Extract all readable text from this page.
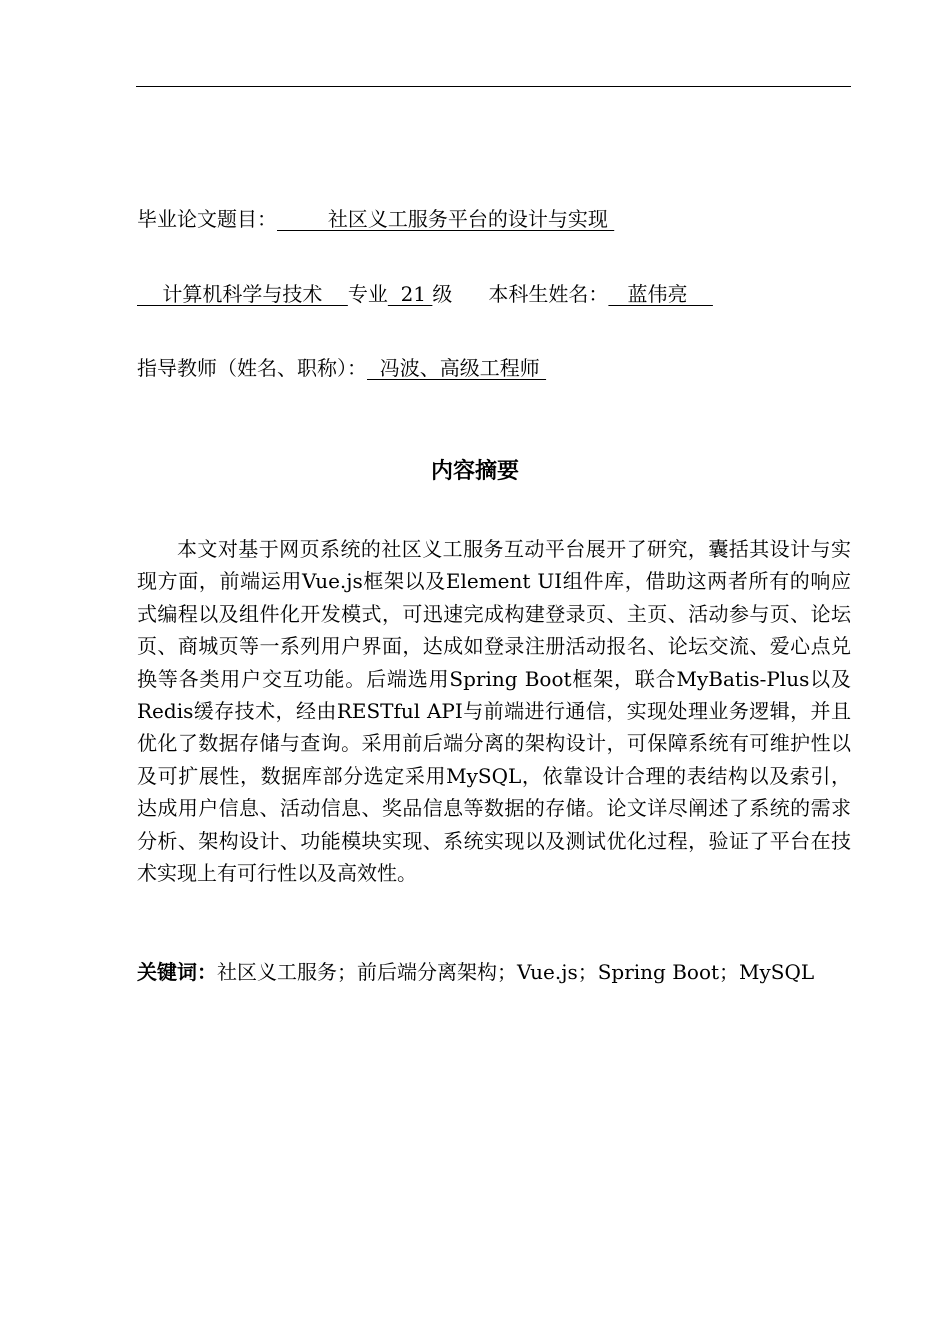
毕业论文题目：        社区义工服务平台的设计与实现
计算机科学与技术    专业  21 级 本科生姓名：   蓝伟亮
指导教师（姓名、职称）：  冯波、高级工程师
内容摘要

本文对基于网页系统的社区义工服务互动平台展开了研究，囊括其设计与实现方面，前端运用Vue.js框架以及Element UI组件库，借助这两者所有的响应式编程以及组件化开发模式，可迅速完成构建登录页、主页、活动参与页、论坛页、商城页等一系列用户界面，达成如登录注册活动报名、论坛交流、爱心点兑换等各类用户交互功能。后端选用Spring Boot框架，联合MyBatis-Plus以及Redis缓存技术，经由RESTful API与前端进行通信，实现处理业务逻辑，并且优化了数据存储与查询。采用前后端分离的架构设计，可保障系统有可维护性以及可扩展性，数据库部分选定采用MySQL，依靠设计合理的表结构以及索引，达成用户信息、活动信息、奖品信息等数据的存储。论文详尽阐述了系统的需求分析、架构设计、功能模块实现、系统实现以及测试优化过程，验证了平台在技术实现上有可行性以及高效性。

关键词：社区义工服务；前后端分离架构；Vue.js；Spring Boot；MySQL
